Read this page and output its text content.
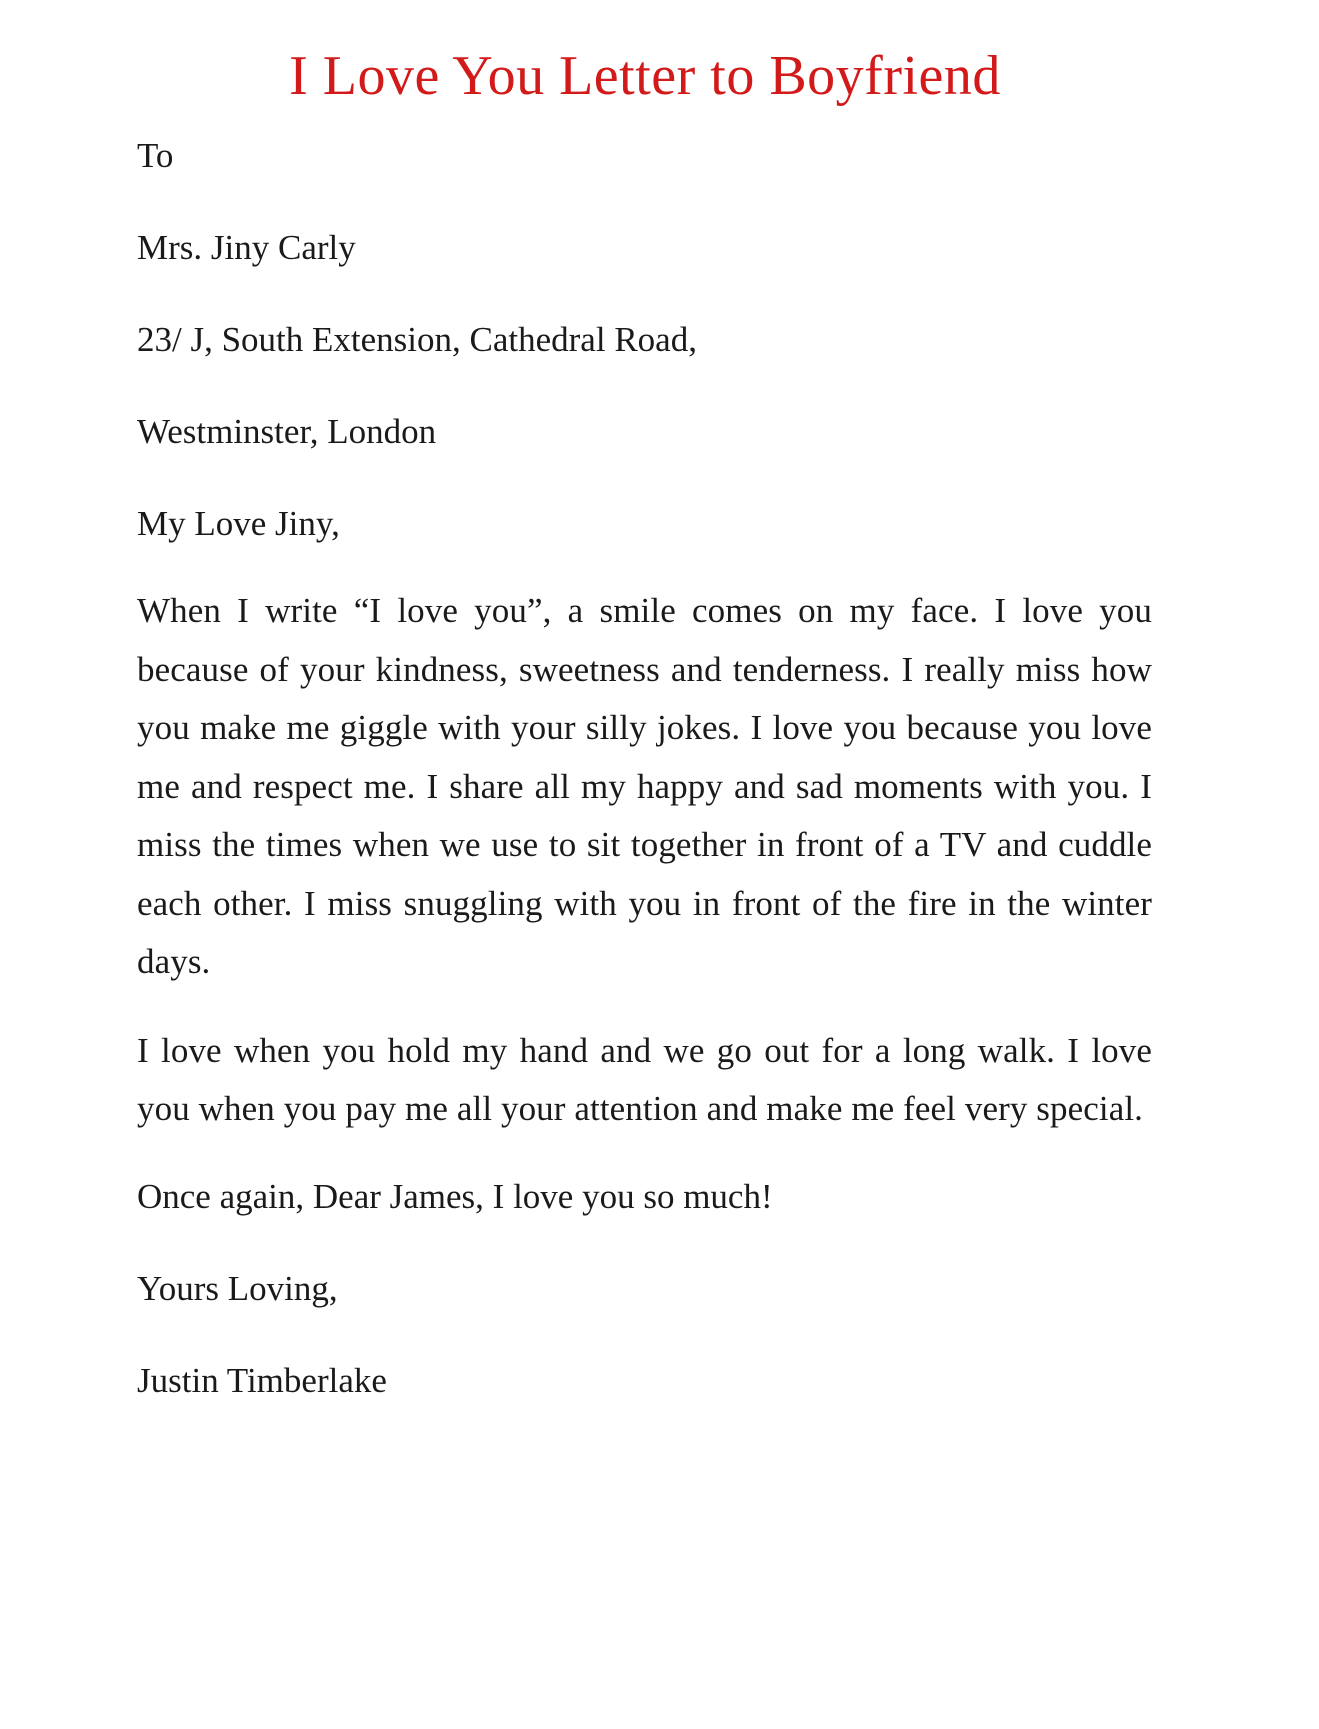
I Love You Letter to Boyfriend

To

Mrs. Jiny Carly

23/ J, South Extension, Cathedral Road,

Westminster, London

My Love Jiny,

When I write “I love you”, a smile comes on my face. I love you because of your kindness, sweetness and tenderness. I really miss how you make me giggle with your silly jokes. I love you because you love me and respect me. I share all my happy and sad moments with you. I miss the times when we use to sit together in front of a TV and cuddle each other. I miss snuggling with you in front of the fire in the winter days.

I love when you hold my hand and we go out for a long walk. I love you when you pay me all your attention and make me feel very special.

Once again, Dear James, I love you so much!

Yours Loving,

Justin Timberlake
